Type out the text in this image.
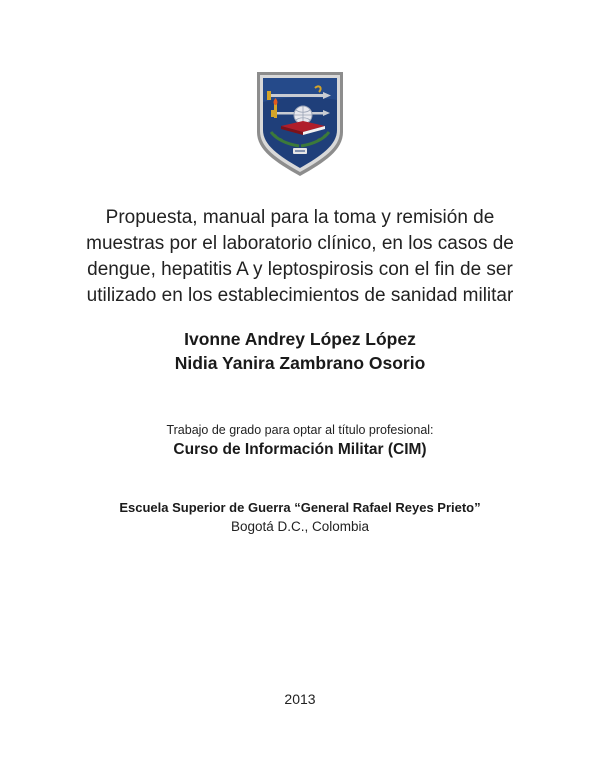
Propuesta, manual para la toma y remisión de
muestras por el laboratorio clínico, en los casos de
dengue, hepatitis A y leptospirosis con el fin de ser
utilizado en los establecimientos de sanidad militar
Ivonne Andrey López López
Nidia Yanira Zambrano Osorio
Trabajo de grado para optar al título profesional:
Curso de Información Militar (CIM)
Escuela Superior de Guerra “General Rafael Reyes Prieto”
Bogotá D.C., Colombia
2013
